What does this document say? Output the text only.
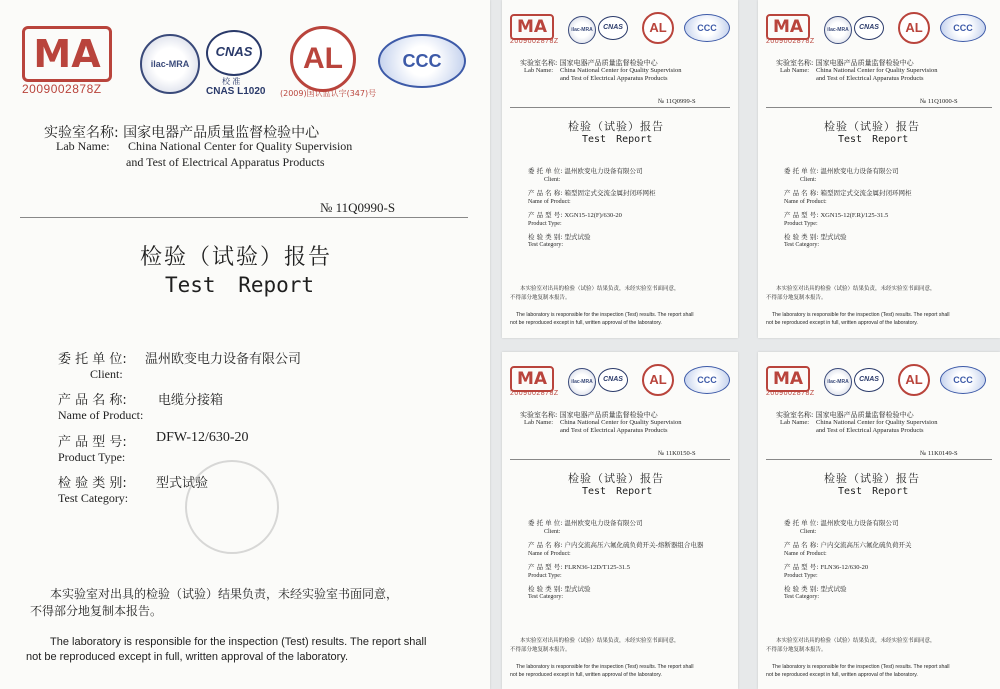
MA
2009002878Z
ilac-MRA
CNAS
校 准
CNAS L1020
AL
(2009)国认监认字(347)号
CCC
实验室名称: 国家电器产品质量监督检验中心
Lab Name: China National Center for Quality Supervision
and Test of Electrical Apparatus Products
№ 11Q0990-S
检验（试验）报告
Test Report
委 托 单 位: 温州欧变电力设备有限公司
Client:
产 品 名 称: 电缆分接箱
Name of Product:
产 品 型 号: DFW-12/630-20
Product Type:
检 验 类 别: 型式试验
Test Category:
本实验室对出具的检验（试验）结果负责，未经实验室书面同意，
不得部分地复制本报告。
The laboratory is responsible for the inspection (Test) results. The report shall
not be reproduced except in full, written approval of the laboratory.
MA
2009002878Z
ilac-MRA	CNAS	AL	CCC
实验室名称: 国家电器产品质量监督检验中心
Lab Name: China National Center for Quality Supervision
and Test of Electrical Apparatus Products
№ 11Q0999-S
检验（试验）报告
Test Report
委 托 单 位: 温州欧变电力设备有限公司
Client:
产 品 名 称: 箱型固定式交流金属封闭环网柜
Name of Product:
产 品 型 号: XGN15-12(F)/630-20
Product Type:
检 验 类 别: 型式试验
Test Category:
本实验室对出具的检验（试验）结果负责，未经实验室书面同意，
不得部分地复制本报告。
The laboratory is responsible for the inspection (Test) results. The report shall
not be reproduced except in full, written approval of the laboratory.
MA
2009002878Z
ilac-MRA	CNAS	AL	CCC
实验室名称: 国家电器产品质量监督检验中心
Lab Name: China National Center for Quality Supervision
and Test of Electrical Apparatus Products
№ 11Q1000-S
检验（试验）报告
Test Report
委 托 单 位: 温州欧变电力设备有限公司
Client:
产 品 名 称: 箱型固定式交流金属封闭环网柜
Name of Product:
产 品 型 号: XGN15-12(F.R)/125-31.5
Product Type:
检 验 类 别: 型式试验
Test Category:
本实验室对出具的检验（试验）结果负责，未经实验室书面同意，
不得部分地复制本报告。
The laboratory is responsible for the inspection (Test) results. The report shall
not be reproduced except in full, written approval of the laboratory.
MA
2009002878Z
ilac-MRA	CNAS	AL	CCC
实验室名称: 国家电器产品质量监督检验中心
Lab Name: China National Center for Quality Supervision
and Test of Electrical Apparatus Products
№ 11K0150-S
检验（试验）报告
Test Report
委 托 单 位: 温州欧变电力设备有限公司
Client:
产 品 名 称: 户内交流高压六氟化硫负荷开关-熔断器组合电器
Name of Product:
产 品 型 号: FLRN36-12D/T125-31.5
Product Type:
检 验 类 别: 型式试验
Test Category:
本实验室对出具的检验（试验）结果负责，未经实验室书面同意，
不得部分地复制本报告。
The laboratory is responsible for the inspection (Test) results. The report shall
not be reproduced except in full, written approval of the laboratory.
MA
2009002878Z
ilac-MRA	CNAS	AL	CCC
实验室名称: 国家电器产品质量监督检验中心
Lab Name: China National Center for Quality Supervision
and Test of Electrical Apparatus Products
№ 11K0149-S
检验（试验）报告
Test Report
委 托 单 位: 温州欧变电力设备有限公司
Client:
产 品 名 称: 户内交流高压六氟化硫负荷开关
Name of Product:
产 品 型 号: FLN36-12/630-20
Product Type:
检 验 类 别: 型式试验
Test Category:
本实验室对出具的检验（试验）结果负责，未经实验室书面同意，
不得部分地复制本报告。
The laboratory is responsible for the inspection (Test) results. The report shall
not be reproduced except in full, written approval of the laboratory.
